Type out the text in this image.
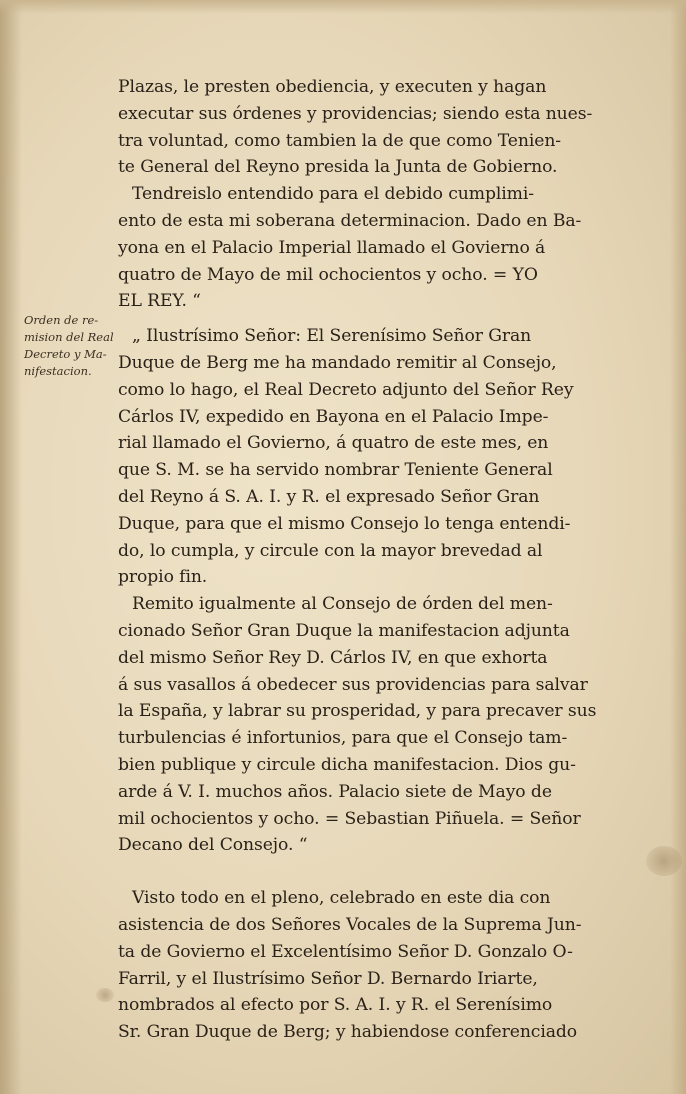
Orden de re-
mision del Real
Decreto y Ma-
nifestacion.

Plazas, le presten obediencia, y executen y hagan
executar sus órdenes y providencias; siendo esta nues-
tra voluntad, como tambien la de que como Tenien-
te General del Reyno presida la Junta de Gobierno.

Tendreislo entendido para el debido cumplimi-
ento de esta mi soberana determinacion. Dado en Ba-
yona en el Palacio Imperial llamado el Govierno á
quatro de Mayo de mil ochocientos y ocho. = YO
EL REY. “

„ Ilustrísimo Señor: El Serenísimo Señor Gran
Duque de Berg me ha mandado remitir al Consejo,
como lo hago, el Real Decreto adjunto del Señor Rey
Cárlos IV, expedido en Bayona en el Palacio Impe-
rial llamado el Govierno, á quatro de este mes, en
que S. M. se ha servido nombrar Teniente General
del Reyno á S. A. I. y R. el expresado Señor Gran
Duque, para que el mismo Consejo lo tenga entendi-
do, lo cumpla, y circule con la mayor brevedad al
propio fin.

Remito igualmente al Consejo de órden del men-
cionado Señor Gran Duque la manifestacion adjunta
del mismo Señor Rey D. Cárlos IV, en que exhorta
á sus vasallos á obedecer sus providencias para salvar
la España, y labrar su prosperidad, y para precaver sus
turbulencias é infortunios, para que el Consejo tam-
bien publique y circule dicha manifestacion. Dios gu-
arde á V. I. muchos años. Palacio siete de Mayo de
mil ochocientos y ocho. = Sebastian Piñuela. = Señor
Decano del Consejo. “

Visto todo en el pleno, celebrado en este dia con
asistencia de dos Señores Vocales de la Suprema Jun-
ta de Govierno el Excelentísimo Señor D. Gonzalo O-
Farril, y el Ilustrísimo Señor D. Bernardo Iriarte,
nombrados al efecto por S. A. I. y R. el Serenísimo
Sr. Gran Duque de Berg; y habiendose conferenciado
